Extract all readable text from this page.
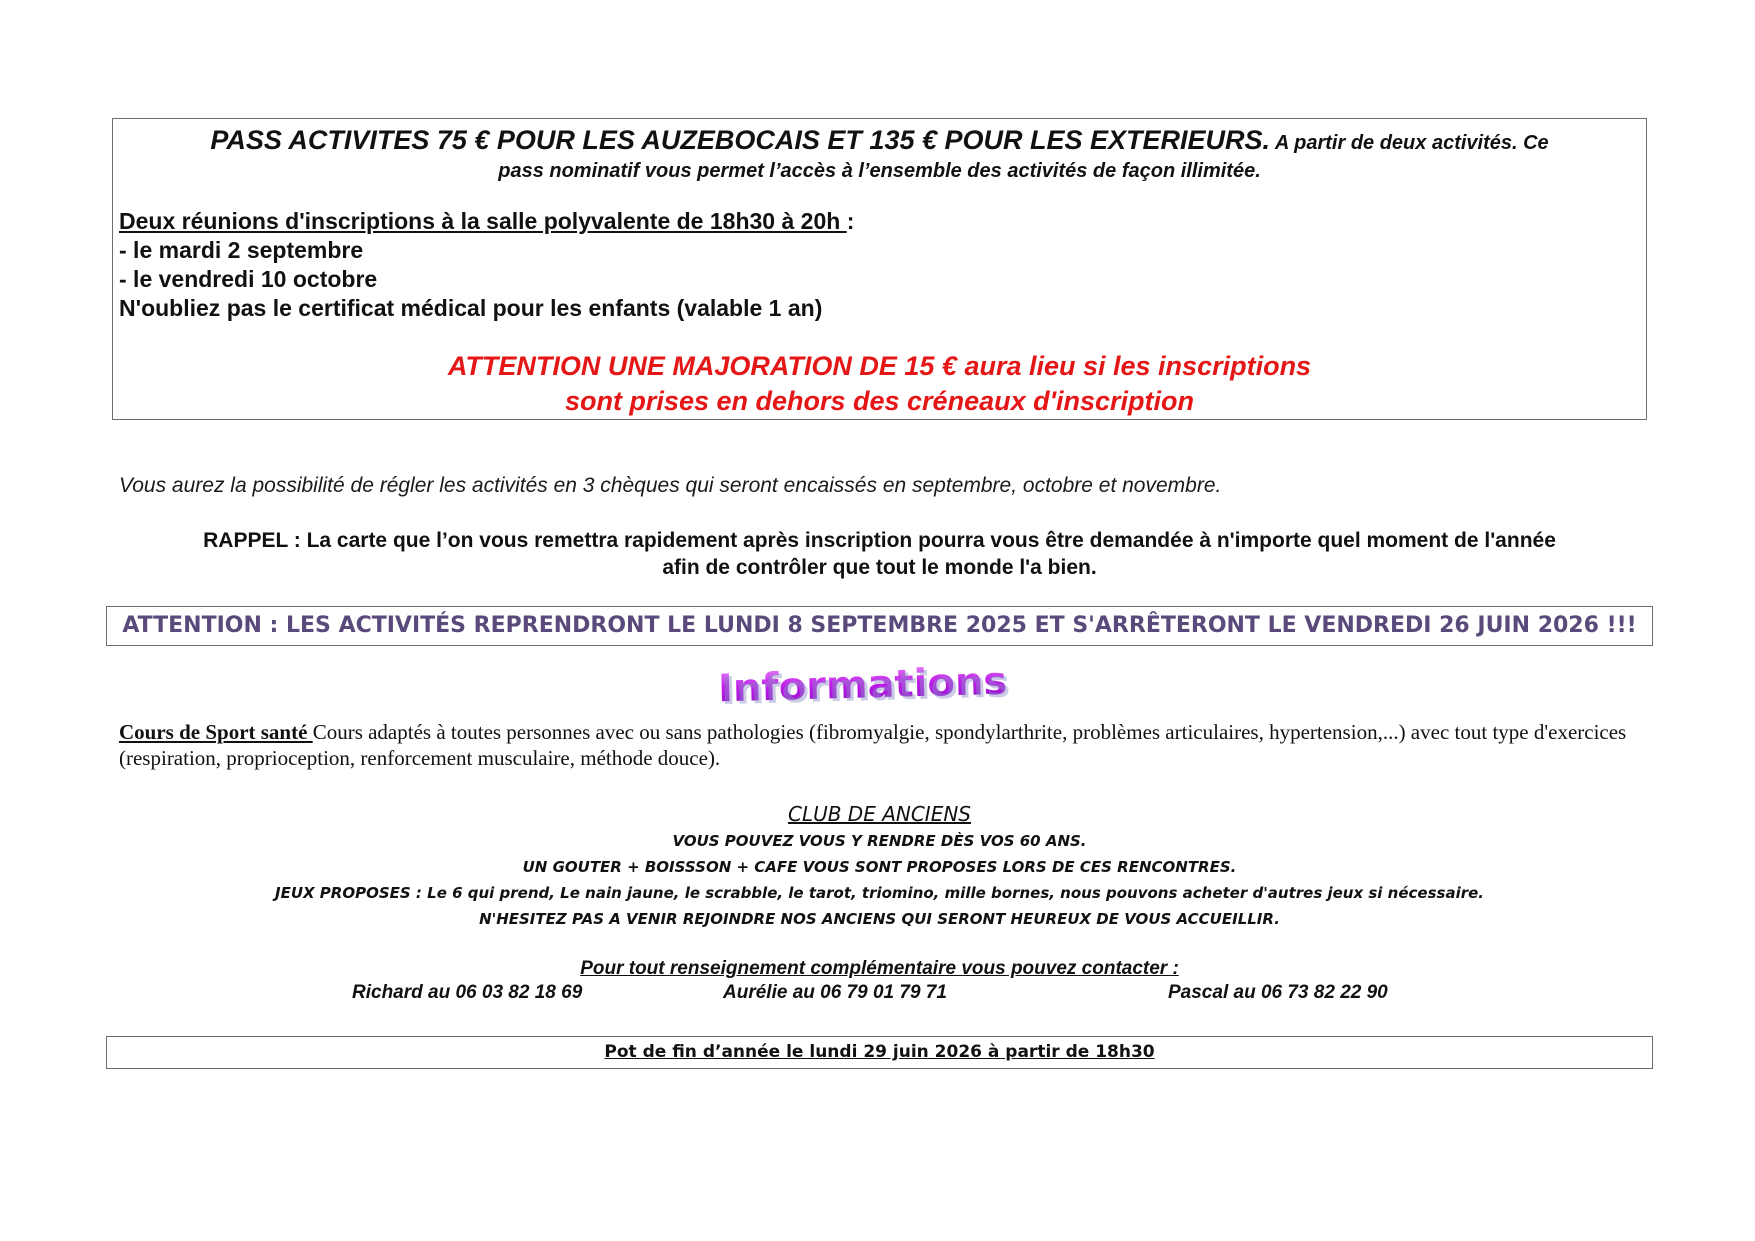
PASS ACTIVITES 75 € POUR LES AUZEBOCAIS ET 135 € POUR LES EXTERIEURS. A partir de deux activités. Ce
pass nominatif vous permet l’accès à l’ensemble des activités de façon illimitée.
Deux réunions d'inscriptions à la salle polyvalente de 18h30 à 20h :
- le mardi 2 septembre
- le vendredi 10 octobre
N'oubliez pas le certificat médical pour les enfants (valable 1 an)
ATTENTION UNE MAJORATION DE 15 € aura lieu si les inscriptions
sont prises en dehors des créneaux d'inscription
Vous aurez la possibilité de régler les activités en 3 chèques qui seront encaissés en septembre, octobre et novembre.
RAPPEL : La carte que l’on vous remettra rapidement après inscription pourra vous être demandée à n'importe quel moment de l'année
afin de contrôler que tout le monde l'a bien.
ATTENTION : LES ACTIVITÉS REPRENDRONT LE LUNDI 8 SEPTEMBRE 2025 ET S'ARRÊTERONT LE VENDREDI 26 JUIN 2026 !!!
Informations
Cours de Sport santé Cours adaptés à toutes personnes avec ou sans pathologies (fibromyalgie, spondylarthrite, problèmes articulaires, hypertension,...) avec tout type d'exercices (respiration, proprioception, renforcement musculaire, méthode douce).
CLUB DE ANCIENS
VOUS POUVEZ VOUS Y RENDRE DÈS VOS 60 ANS.
UN GOUTER + BOISSSON + CAFE VOUS SONT PROPOSES LORS DE CES RENCONTRES.
JEUX PROPOSES : Le 6 qui prend, Le nain jaune, le scrabble, le tarot, triomino, mille bornes, nous pouvons acheter d'autres jeux si nécessaire.
N'HESITEZ PAS A VENIR REJOINDRE NOS ANCIENS QUI SERONT HEUREUX DE VOUS ACCUEILLIR.
Pour tout renseignement complémentaire vous pouvez contacter :
Richard au 06 03 82 18 69	Aurélie au 06 79 01 79 71	Pascal au 06 73 82 22 90
Pot de fin d’année le lundi 29 juin 2026 à partir de 18h30
